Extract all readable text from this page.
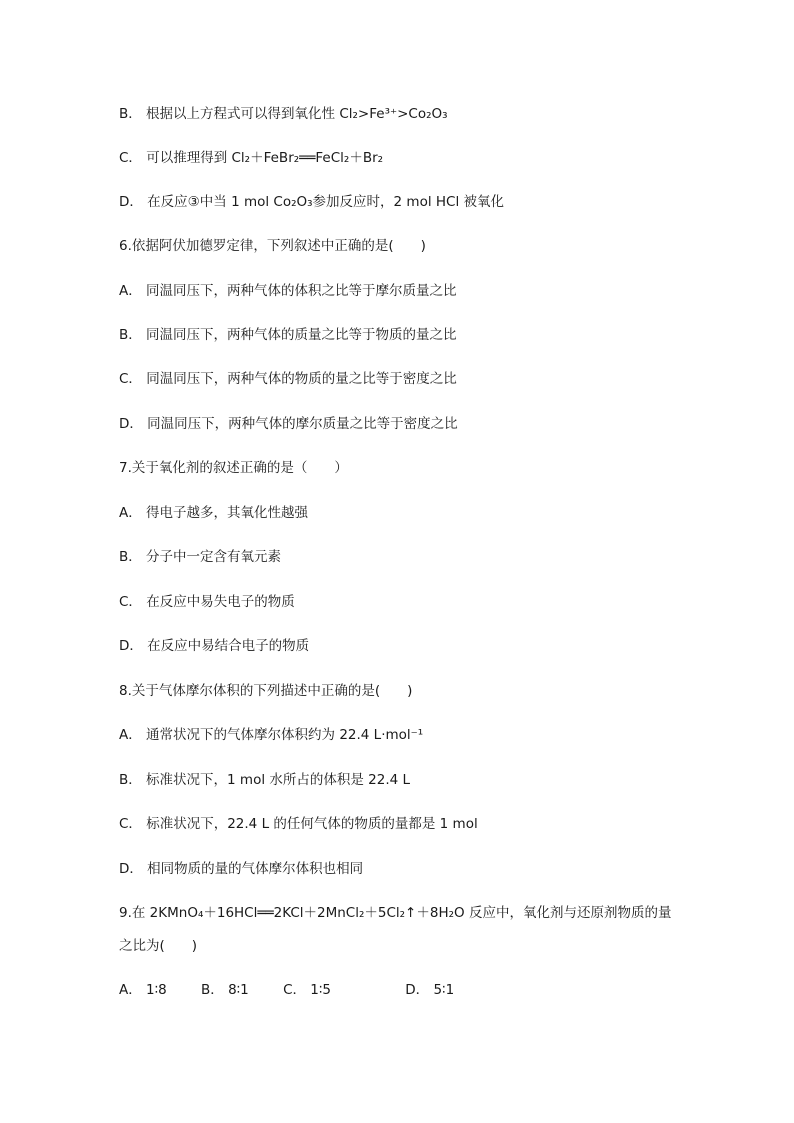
B． 根据以上方程式可以得到氧化性 Cl₂>Fe³⁺>Co₂O₃
C． 可以推理得到 Cl₂＋FeBr₂══FeCl₂＋Br₂
D． 在反应③中当 1 mol Co₂O₃参加反应时，2 mol HCl 被氧化
6.依据阿伏加德罗定律，下列叙述中正确的是(　　)
A． 同温同压下，两种气体的体积之比等于摩尔质量之比
B． 同温同压下，两种气体的质量之比等于物质的量之比
C． 同温同压下，两种气体的物质的量之比等于密度之比
D． 同温同压下，两种气体的摩尔质量之比等于密度之比
7.关于氧化剂的叙述正确的是（　　）
A． 得电子越多，其氧化性越强
B． 分子中一定含有氧元素
C． 在反应中易失电子的物质
D． 在反应中易结合电子的物质
8.关于气体摩尔体积的下列描述中正确的是(　　)
A． 通常状况下的气体摩尔体积约为 22.4 L·mol⁻¹
B． 标准状况下，1 mol 水所占的体积是 22.4 L
C． 标准状况下，22.4 L 的任何气体的物质的量都是 1 mol
D． 相同物质的量的气体摩尔体积也相同
9.在 2KMnO₄＋16HCl══2KCl＋2MnCl₂＋5Cl₂↑＋8H₂O 反应中，氧化剂与还原剂物质的量
之比为(　　)
A． 1∶8	B． 8∶1	C． 1∶5	D． 5∶1
